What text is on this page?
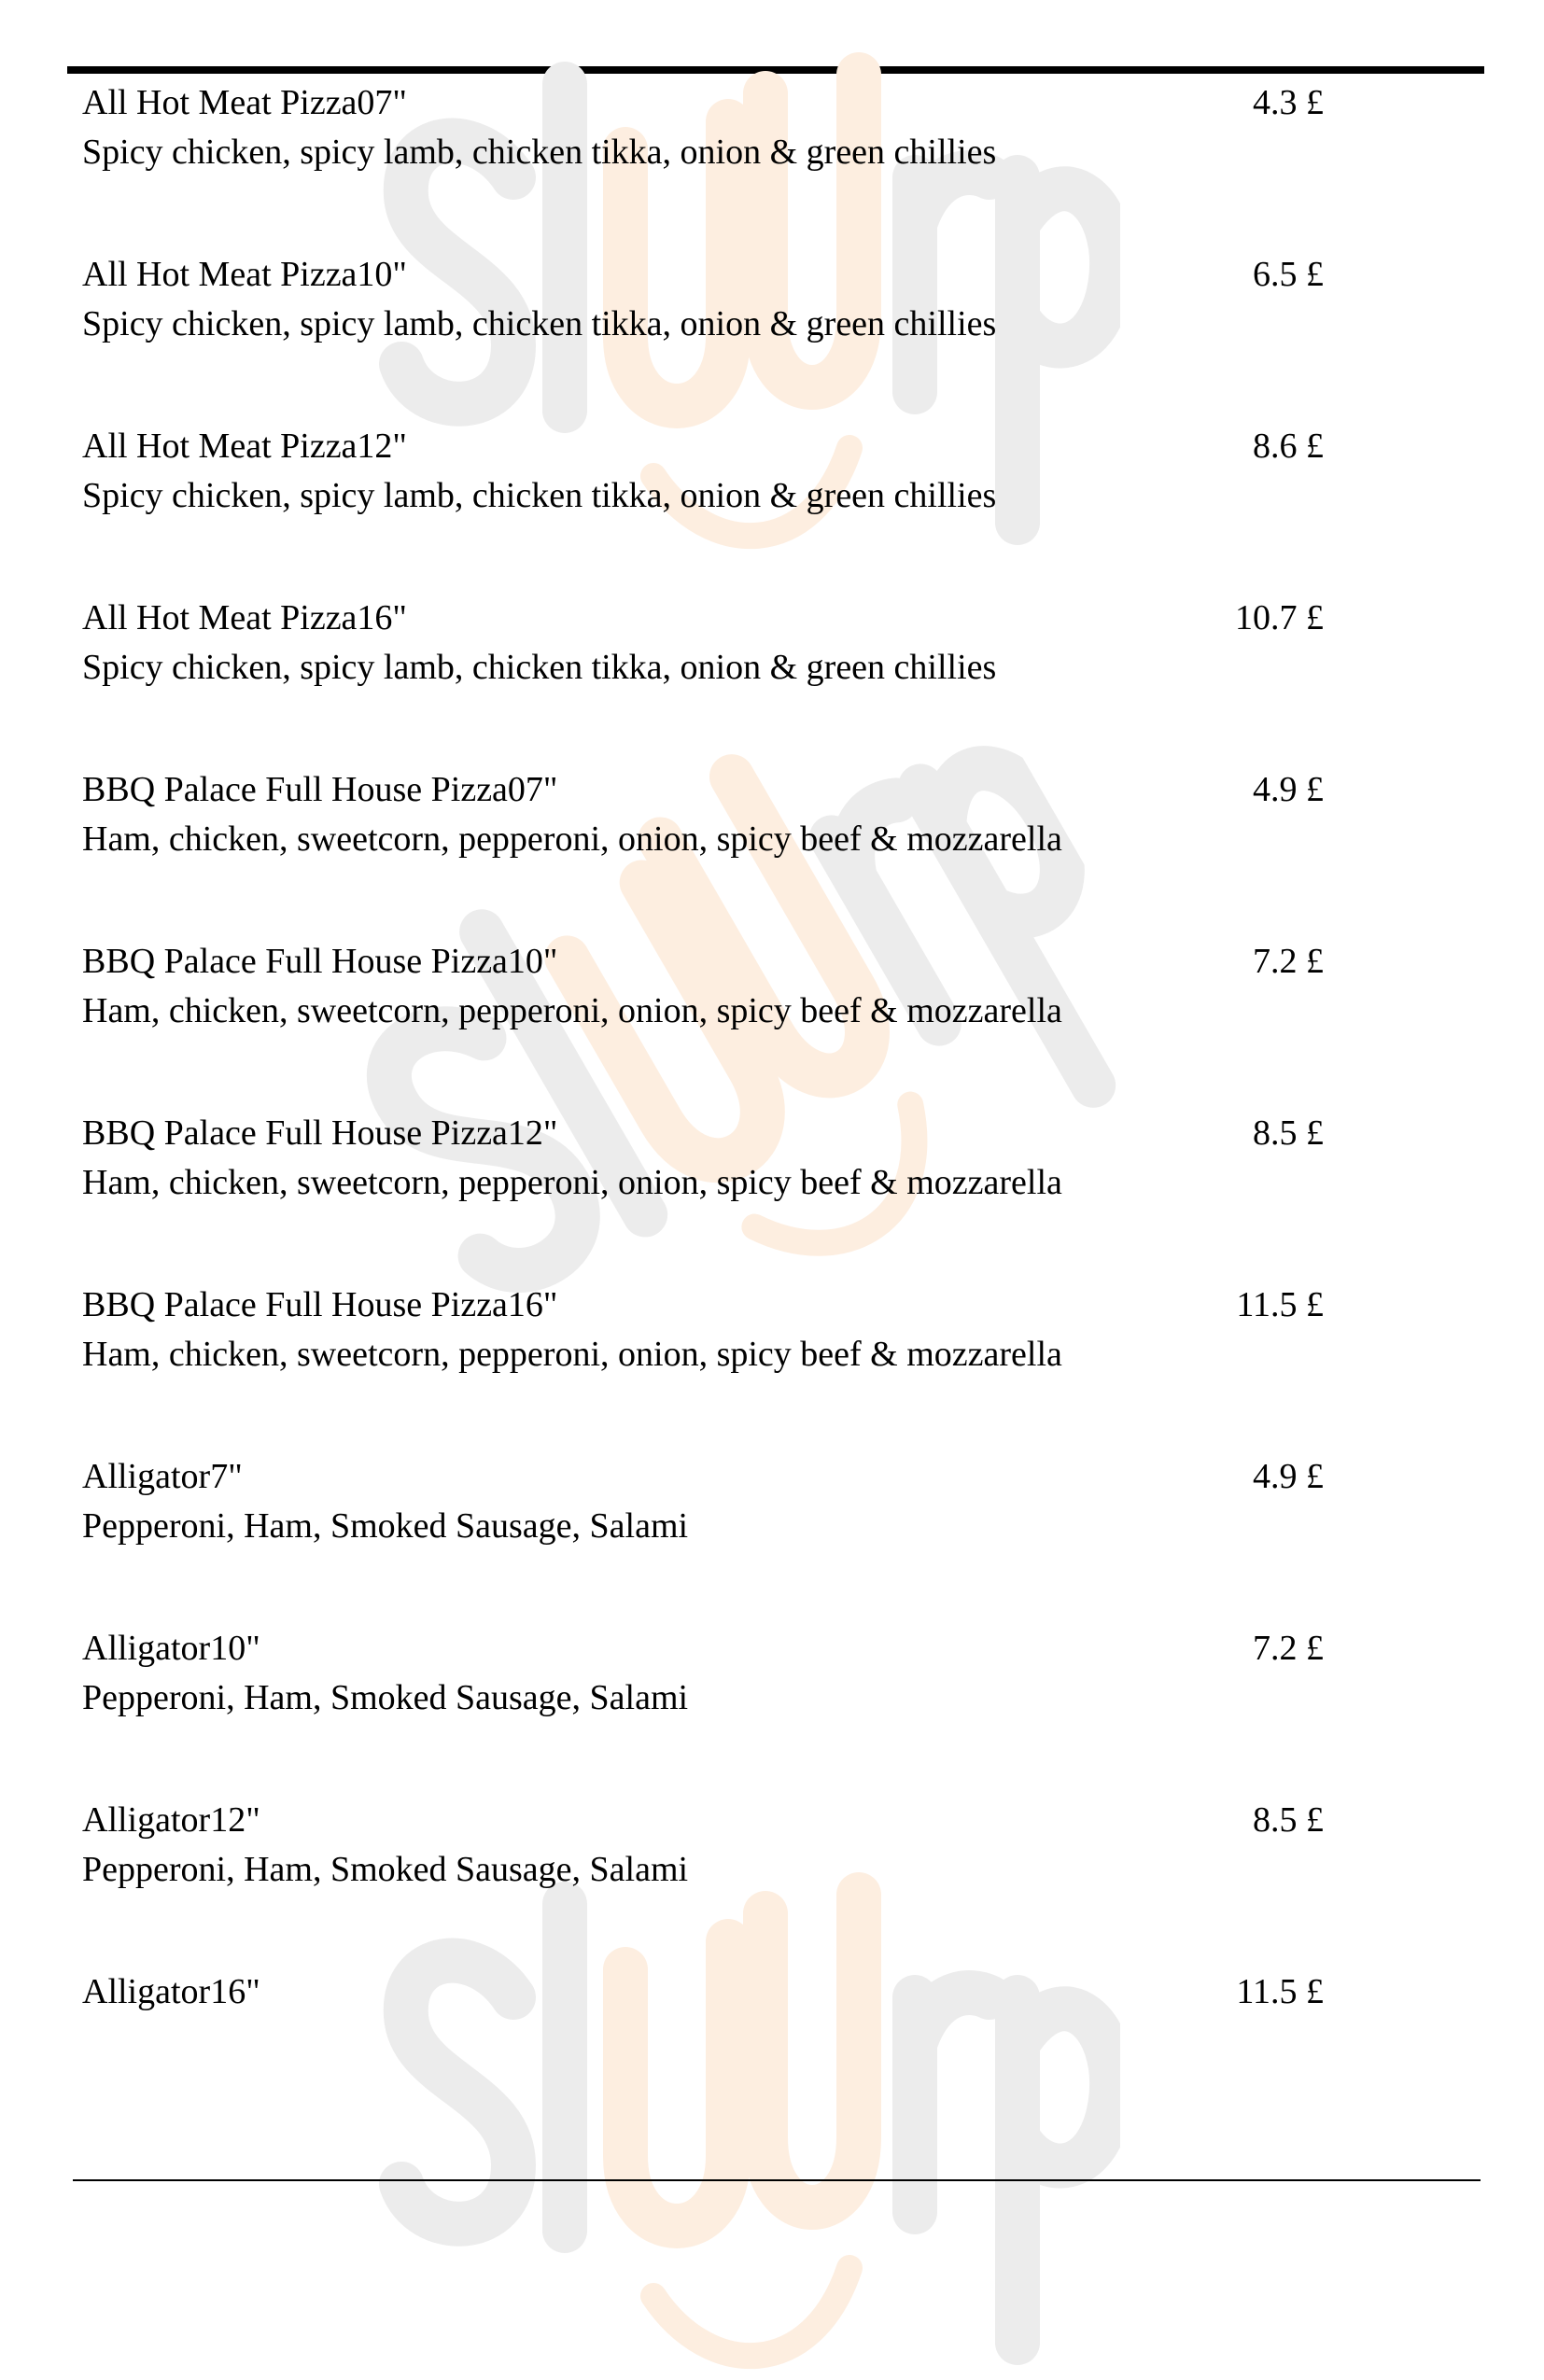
All Hot Meat Pizza07"
Spicy chicken, spicy lamb, chicken tikka, onion & green chillies
4.3 £
All Hot Meat Pizza10"
Spicy chicken, spicy lamb, chicken tikka, onion & green chillies
6.5 £
All Hot Meat Pizza12"
Spicy chicken, spicy lamb, chicken tikka, onion & green chillies
8.6 £
All Hot Meat Pizza16"
Spicy chicken, spicy lamb, chicken tikka, onion & green chillies
10.7 £
BBQ Palace Full House Pizza07"
Ham, chicken, sweetcorn, pepperoni, onion, spicy beef & mozzarella
4.9 £
BBQ Palace Full House Pizza10"
Ham, chicken, sweetcorn, pepperoni, onion, spicy beef & mozzarella
7.2 £
BBQ Palace Full House Pizza12"
Ham, chicken, sweetcorn, pepperoni, onion, spicy beef & mozzarella
8.5 £
BBQ Palace Full House Pizza16"
Ham, chicken, sweetcorn, pepperoni, onion, spicy beef & mozzarella
11.5 £
Alligator7"
Pepperoni, Ham, Smoked Sausage, Salami
4.9 £
Alligator10"
Pepperoni, Ham, Smoked Sausage, Salami
7.2 £
Alligator12"
Pepperoni, Ham, Smoked Sausage, Salami
8.5 £
Alligator16"	11.5 £
